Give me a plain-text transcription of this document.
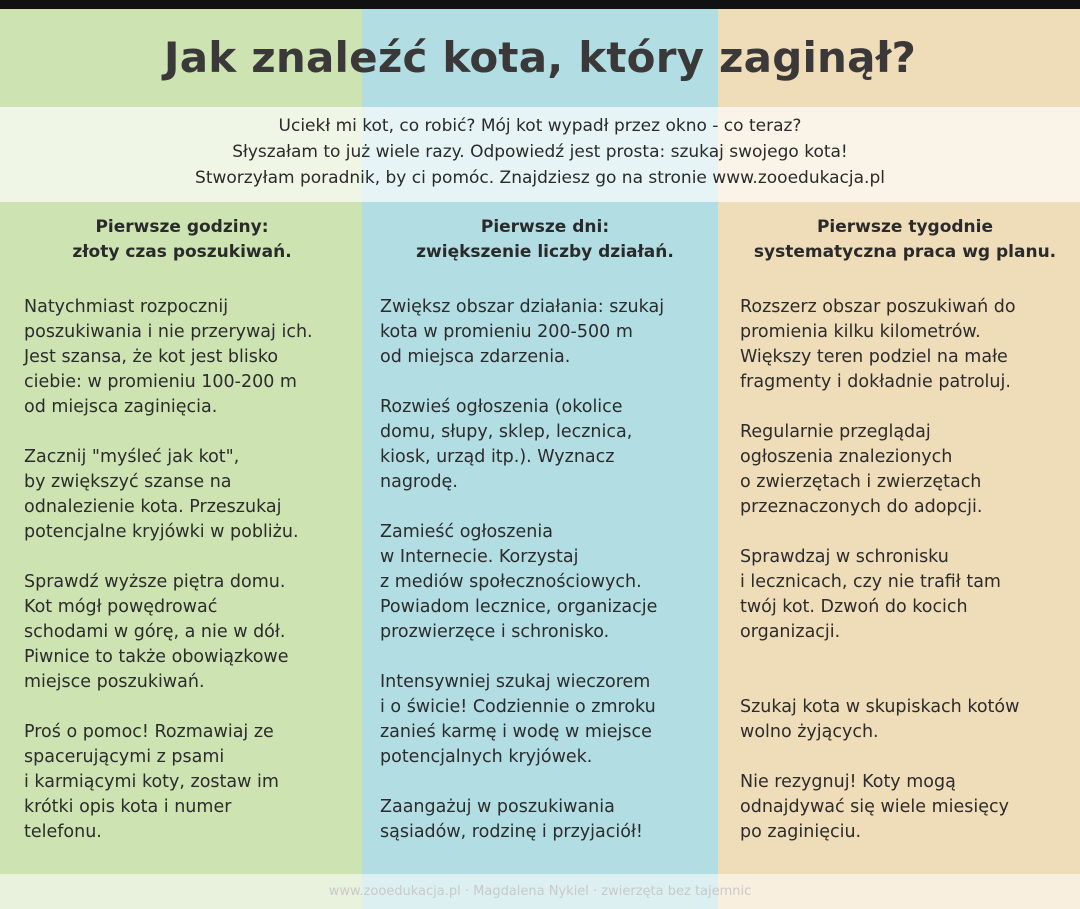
Jak znaleźć kota, który zaginął?
Uciekł mi kot, co robić? Mój kot wypadł przez okno - co teraz?
Słyszałam to już wiele razy. Odpowiedź jest prosta: szukaj swojego kota!
Stworzyłam poradnik, by ci pomóc. Znajdziesz go na stronie www.zooedukacja.pl
Pierwsze godziny:
złoty czas poszukiwań.
Natychmiast rozpocznij
poszukiwania i nie przerywaj ich.
Jest szansa, że kot jest blisko
ciebie: w promieniu 100-200 m
od miejsca zaginięcia.
Zacznij "myśleć jak kot",
by zwiększyć szanse na
odnalezienie kota. Przeszukaj
potencjalne kryjówki w pobliżu.
Sprawdź wyższe piętra domu.
Kot mógł powędrować
schodami w górę, a nie w dół.
Piwnice to także obowiązkowe
miejsce poszukiwań.
Proś o pomoc! Rozmawiaj ze
spacerującymi z psami
i karmiącymi koty, zostaw im
krótki opis kota i numer
telefonu.
Pierwsze dni:
zwiększenie liczby działań.
Zwiększ obszar działania: szukaj
kota w promieniu 200-500 m
od miejsca zdarzenia.
Rozwieś ogłoszenia (okolice
domu, słupy, sklep, lecznica,
kiosk, urząd itp.). Wyznacz
nagrodę.
Zamieść ogłoszenia
w Internecie. Korzystaj
z mediów społecznościowych.
Powiadom lecznice, organizacje
prozwierzęce i schronisko.
Intensywniej szukaj wieczorem
i o świcie! Codziennie o zmroku
zanieś karmę i wodę w miejsce
potencjalnych kryjówek.
Zaangażuj w poszukiwania
sąsiadów, rodzinę i przyjaciół!
Pierwsze tygodnie
systematyczna praca wg planu.
Rozszerz obszar poszukiwań do
promienia kilku kilometrów.
Większy teren podziel na małe
fragmenty i dokładnie patroluj.
Regularnie przeglądaj
ogłoszenia znalezionych
o zwierzętach i zwierzętach
przeznaczonych do adopcji.
Sprawdzaj w schronisku
i lecznicach, czy nie trafił tam
twój kot. Dzwoń do kocich
organizacji.
Szukaj kota w skupiskach kotów
wolno żyjących.
Nie rezygnuj! Koty mogą
odnajdywać się wiele miesięcy
po zaginięciu.
www.zooedukacja.pl · Magdalena Nykiel · zwierzęta bez tajemnic
